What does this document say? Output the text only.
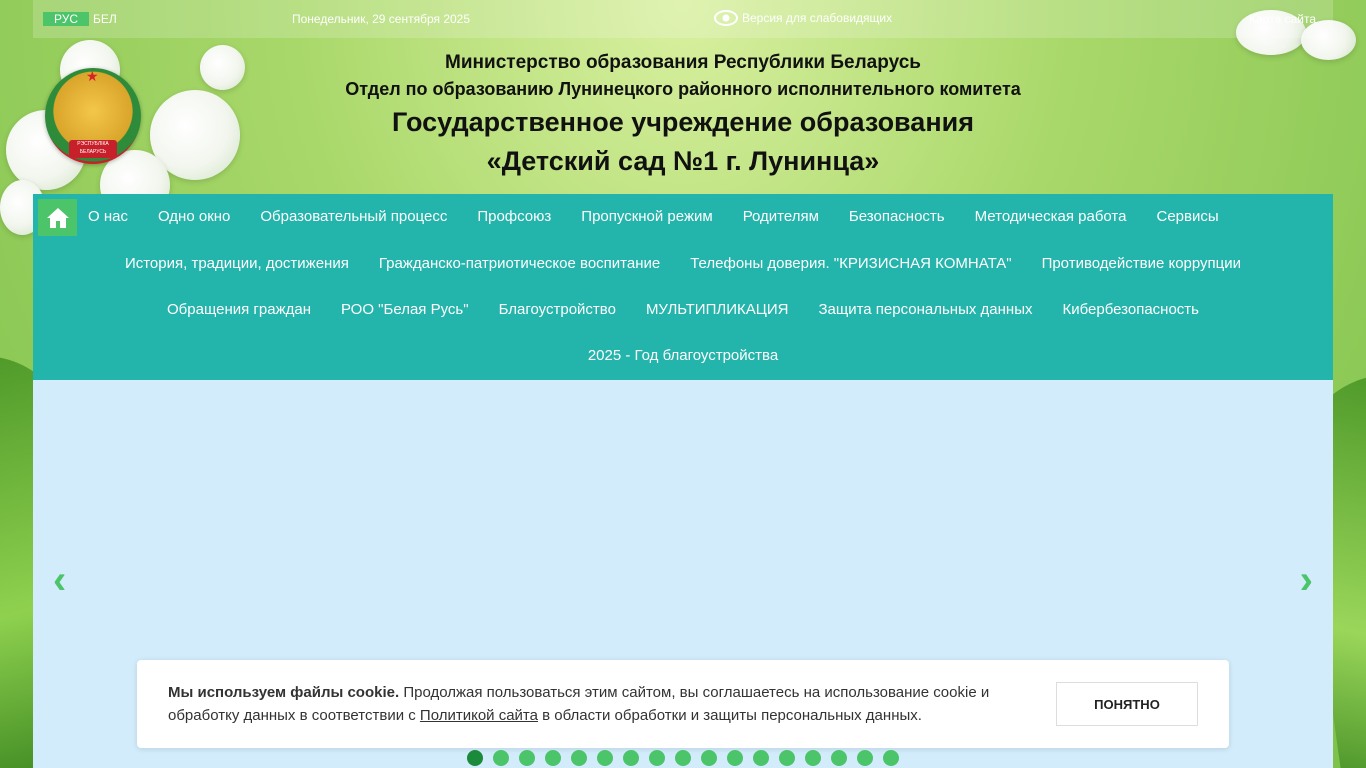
РУС	БЕЛ	Понедельник, 29 сентября 2025	Версия для слабовидящих	Карта сайта
★
РЭСПУБЛІКА БЕЛАРУСЬ
Министерство образования Республики Беларусь
Отдел по образованию Лунинецкого районного исполнительного комитета
Государственное учреждение образования
«Детский сад №1 г. Лунинца»
О нас	Одно окно	Образовательный процесс	Профсоюз	Пропускной режим	Родителям	Безопасность	Методическая работа	Сервисы
История, традиции, достижения	Гражданско-патриотическое воспитание	Телефоны доверия. "КРИЗИСНАЯ КОМНАТА"	Противодействие коррупции
Обращения граждан	РОО "Белая Русь"	Благоустройство	МУЛЬТИПЛИКАЦИЯ	Защита персональных данных	Кибербезопасность
2025 - Год благоустройства
‹	›
Мы используем файлы cookie. Продолжая пользоваться этим сайтом, вы соглашаетесь на использование cookie и обработку данных в соответствии с Политикой сайта в области обработки и защиты персональных данных.
ПОНЯТНО
